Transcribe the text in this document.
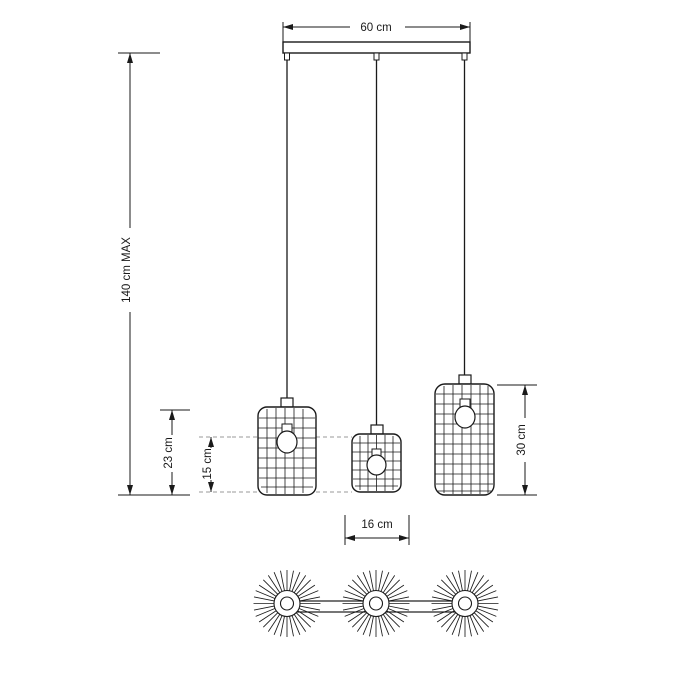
60 cm
140 cm MAX
23 cm 15 cm
30 cm
16 cm
